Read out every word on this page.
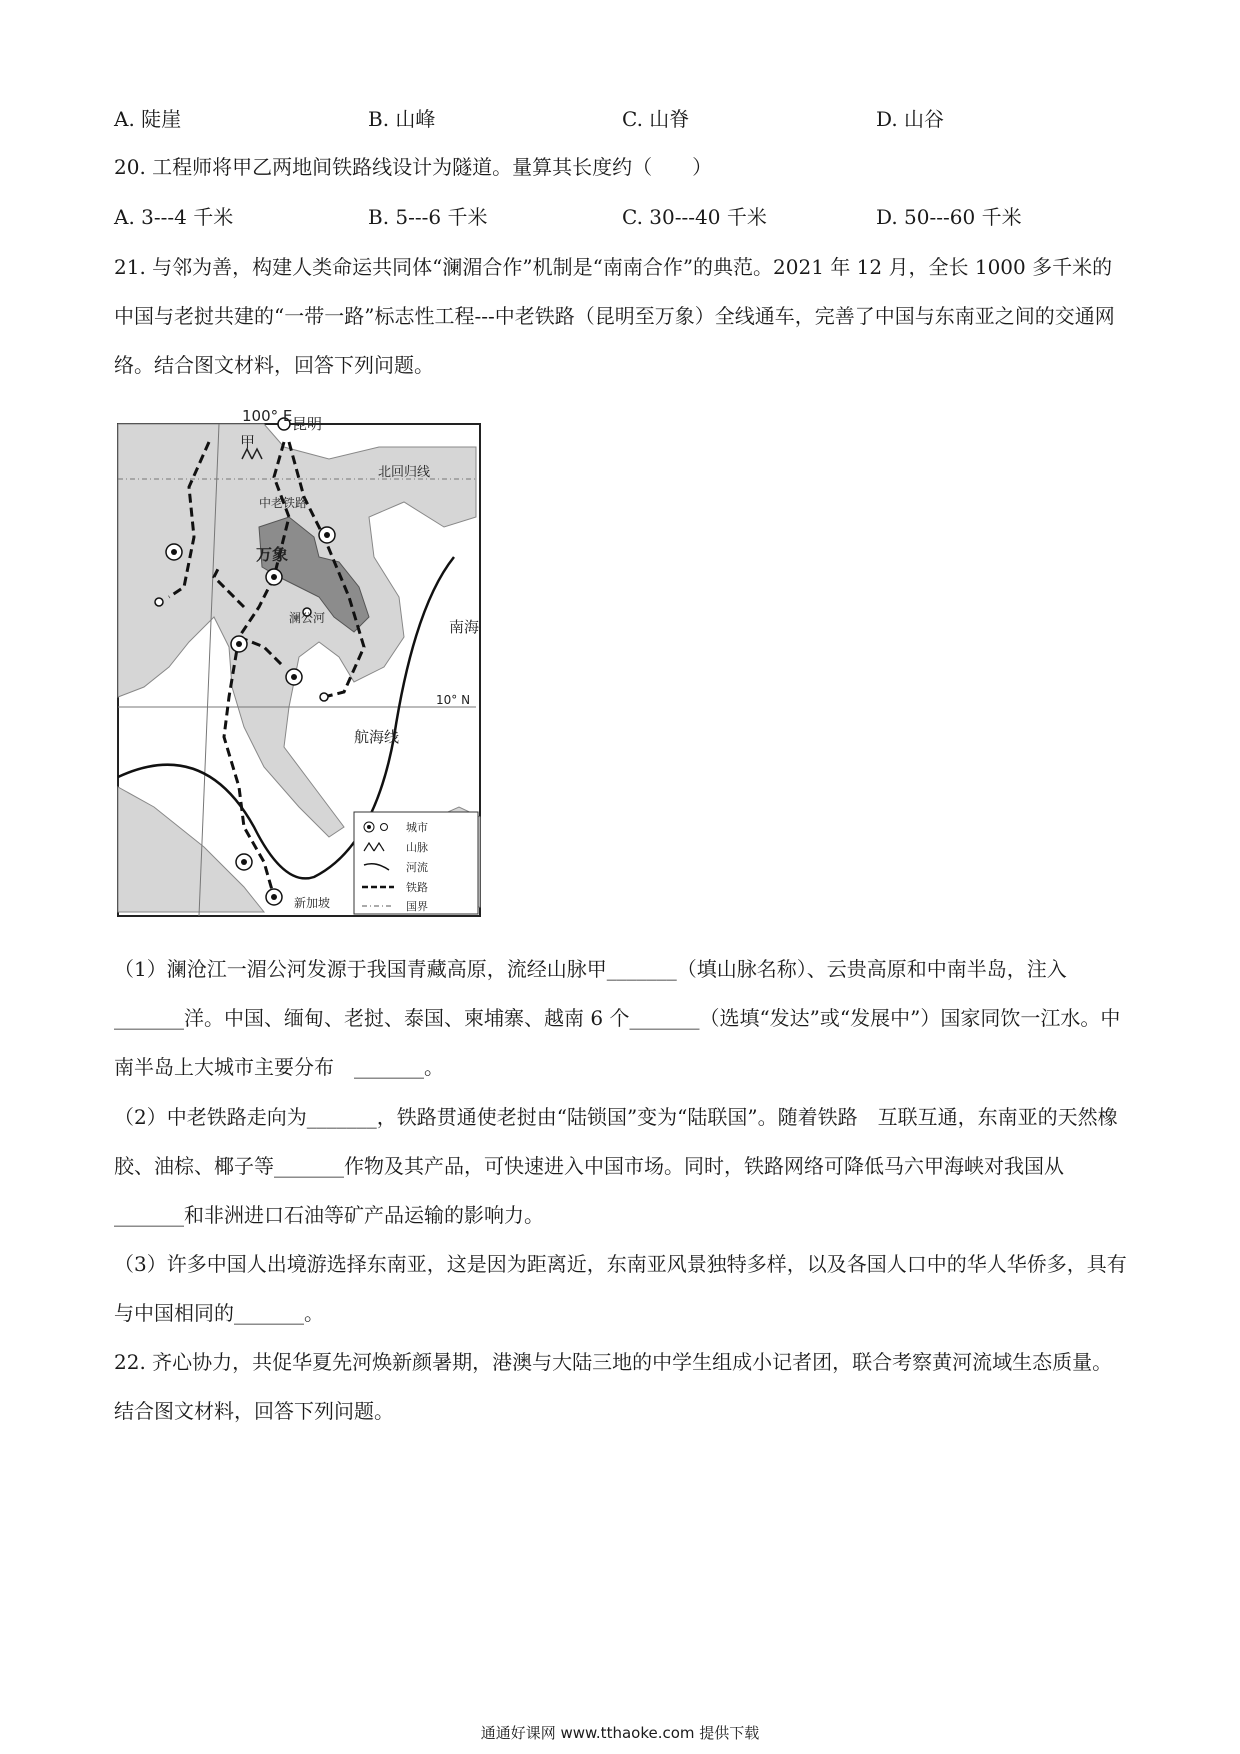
A. 陡崖	B. 山峰	C. 山脊	D. 山谷
20. 工程师将甲乙两地间铁路线设计为隧道。量算其长度约（　　）
A. 3---4 千米	B. 5---6 千米	C. 30---40 千米	D. 50---60 千米
21. 与邻为善，构建人类命运共同体“澜湄合作”机制是“南南合作”的典范。2021 年 12 月，全长 1000 多千米的中国与老挝共建的“一带一路”标志性工程---中老铁路（昆明至万象）全线通车，完善了中国与东南亚之间的交通网络。结合图文材料，回答下列问题。
100° E 昆明
北回归线
甲
万象
新加坡
10° N
航海线
南海
中老铁路
澜公河
城市
山脉
河流
铁路
国界
（1）澜沧江一湄公河发源于我国青藏高原，流经山脉甲_______（填山脉名称）、云贵高原和中南半岛，注入_______洋。中国、缅甸、老挝、泰国、柬埔寨、越南 6 个_______（选填“发达”或“发展中”）国家同饮一江水。中南半岛上大城市主要分布　_______。
（2）中老铁路走向为_______，铁路贯通使老挝由“陆锁国”变为“陆联国”。随着铁路　互联互通，东南亚的天然橡胶、油棕、椰子等_______作物及其产品，可快速进入中国市场。同时，铁路网络可降低马六甲海峡对我国从_______和非洲进口石油等矿产品运输的影响力。
（3）许多中国人出境游选择东南亚，这是因为距离近，东南亚风景独特多样，以及各国人口中的华人华侨多，具有与中国相同的_______。
22. 齐心协力，共促华夏先河焕新颜暑期，港澳与大陆三地的中学生组成小记者团，联合考察黄河流域生态质量。结合图文材料，回答下列问题。
通通好课网 www.tthaoke.com 提供下载
